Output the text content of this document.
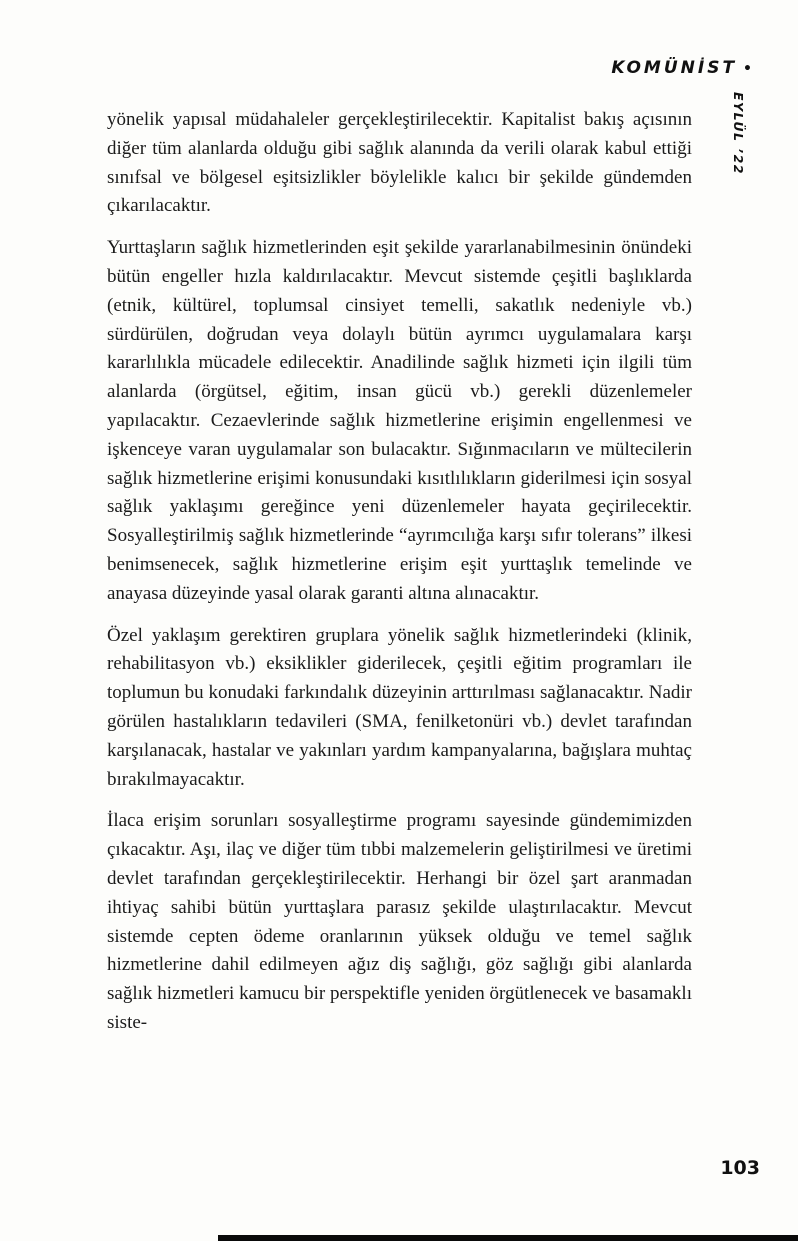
KOMÜNİST •
EYLÜL ’22

yönelik yapısal müdahaleler gerçekleştirilecektir. Kapitalist bakış açısının diğer tüm alanlarda olduğu gibi sağlık alanında da verili olarak kabul ettiği sınıfsal ve bölgesel eşitsizlikler böylelikle kalıcı bir şekilde gündemden çıkarılacaktır.

Yurttaşların sağlık hizmetlerinden eşit şekilde yararlanabilmesinin önündeki bütün engeller hızla kaldırılacaktır. Mevcut sistemde çeşitli başlıklarda (etnik, kültürel, toplumsal cinsiyet temelli, sakatlık nedeniyle vb.) sürdürülen, doğrudan veya dolaylı bütün ayrımcı uygulamalara karşı kararlılıkla mücadele edilecektir. Anadilinde sağlık hizmeti için ilgili tüm alanlarda (örgütsel, eğitim, insan gücü vb.) gerekli düzenlemeler yapılacaktır. Cezaevlerinde sağlık hizmetlerine erişimin engellenmesi ve işkenceye varan uygulamalar son bulacaktır. Sığınmacıların ve mültecilerin sağlık hizmetlerine erişimi konusundaki kısıtlılıkların giderilmesi için sosyal sağlık yaklaşımı gereğince yeni düzenlemeler hayata geçirilecektir. Sosyalleştirilmiş sağlık hizmetlerinde “ayrımcılığa karşı sıfır tolerans” ilkesi benimsenecek, sağlık hizmetlerine erişim eşit yurttaşlık temelinde ve anayasa düzeyinde yasal olarak garanti altına alınacaktır.

Özel yaklaşım gerektiren gruplara yönelik sağlık hizmetlerindeki (klinik, rehabilitasyon vb.) eksiklikler giderilecek, çeşitli eğitim programları ile toplumun bu konudaki farkındalık düzeyinin arttırılması sağlanacaktır. Nadir görülen hastalıkların tedavileri (SMA, fenilketonüri vb.) devlet tarafından karşılanacak, hastalar ve yakınları yardım kampanyalarına, bağışlara muhtaç bırakılmayacaktır.

İlaca erişim sorunları sosyalleştirme programı sayesinde gündemimizden çıkacaktır. Aşı, ilaç ve diğer tüm tıbbi malzemelerin geliştirilmesi ve üretimi devlet tarafından gerçekleştirilecektir. Herhangi bir özel şart aranmadan ihtiyaç sahibi bütün yurttaşlara parasız şekilde ulaştırılacaktır. Mevcut sistemde cepten ödeme oranlarının yüksek olduğu ve temel sağlık hizmetlerine dahil edilmeyen ağız diş sağlığı, göz sağlığı gibi alanlarda sağlık hizmetleri kamucu bir perspektifle yeniden örgütlenecek ve basamaklı siste-

103
